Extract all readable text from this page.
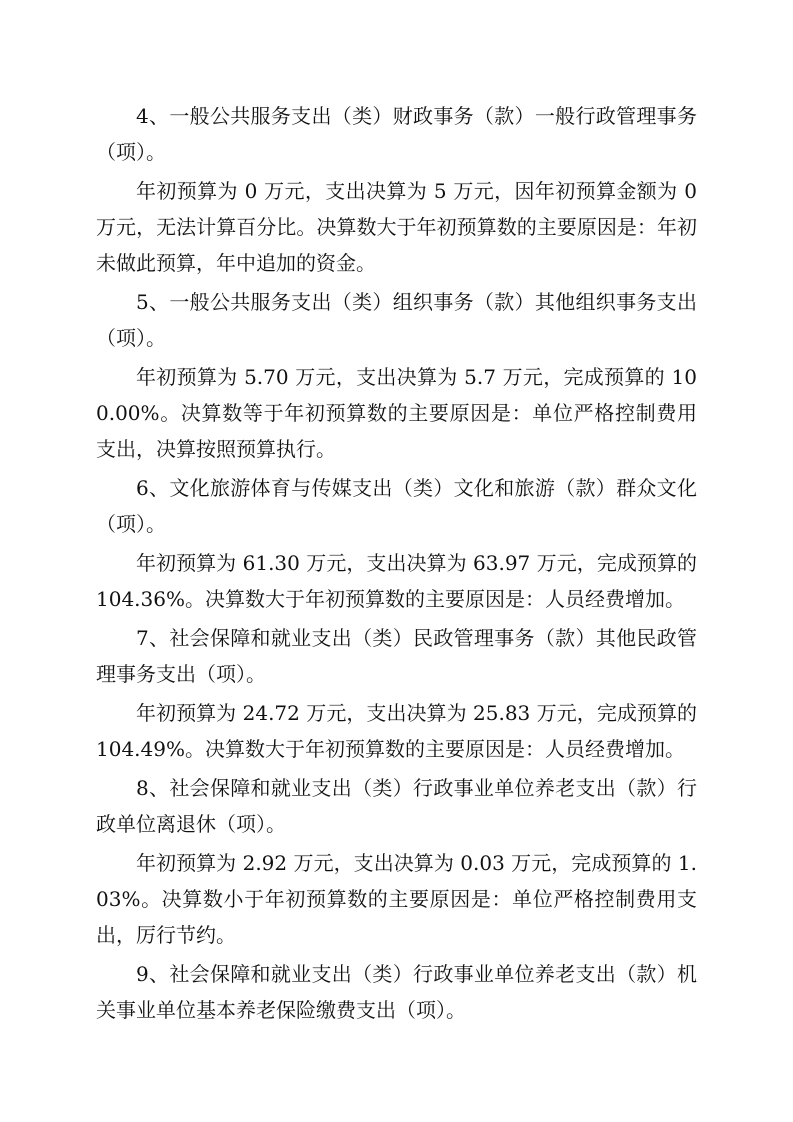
4、一般公共服务支出（类）财政事务（款）一般行政管理事务（项）。

年初预算为 0 万元，支出决算为 5 万元，因年初预算金额为 0 万元，无法计算百分比。决算数大于年初预算数的主要原因是：年初未做此预算，年中追加的资金。

5、一般公共服务支出（类）组织事务（款）其他组织事务支出（项）。

年初预算为 5.70 万元，支出决算为 5.7 万元，完成预算的 100.00%。决算数等于年初预算数的主要原因是：单位严格控制费用支出，决算按照预算执行。

6、文化旅游体育与传媒支出（类）文化和旅游（款）群众文化（项）。

年初预算为 61.30 万元，支出决算为 63.97 万元，完成预算的 104.36%。决算数大于年初预算数的主要原因是：人员经费增加。

7、社会保障和就业支出（类）民政管理事务（款）其他民政管理事务支出（项）。

年初预算为 24.72 万元，支出决算为 25.83 万元，完成预算的 104.49%。决算数大于年初预算数的主要原因是：人员经费增加。

8、社会保障和就业支出（类）行政事业单位养老支出（款）行政单位离退休（项）。

年初预算为 2.92 万元，支出决算为 0.03 万元，完成预算的 1.03%。决算数小于年初预算数的主要原因是：单位严格控制费用支出，厉行节约。

9、社会保障和就业支出（类）行政事业单位养老支出（款）机关事业单位基本养老保险缴费支出（项）。
